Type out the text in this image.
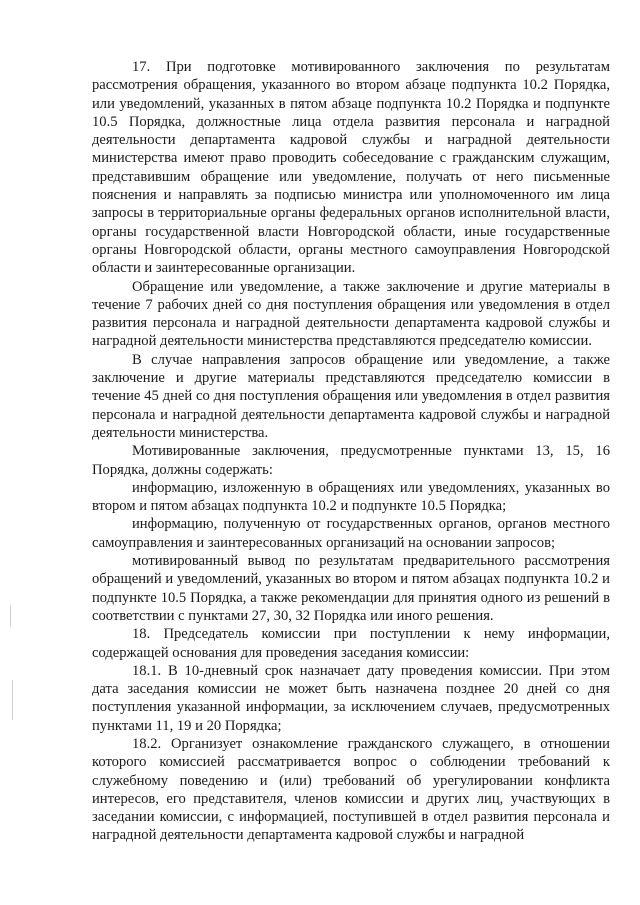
17. При подготовке мотивированного заключения по результатам рассмотрения обращения, указанного во втором абзаце подпункта 10.2 Порядка, или уведомлений, указанных в пятом абзаце подпункта 10.2 Порядка и подпункте 10.5 Порядка, должностные лица отдела развития персонала и наградной деятельности департамента кадровой службы и наградной деятельности министерства имеют право проводить собеседование с гражданским служащим, представившим обращение или уведомление, получать от него письменные пояснения и направлять за подписью министра или уполномоченного им лица запросы в территориальные органы федеральных органов исполнительной власти, органы государственной власти Новгородской области, иные государственные органы Новгородской области, органы местного самоуправления Новгородской области и заинтересованные организации.

Обращение или уведомление, а также заключение и другие материалы в течение 7 рабочих дней со дня поступления обращения или уведомления в отдел развития персонала и наградной деятельности департамента кадровой службы и наградной деятельности министерства представляются председателю комиссии.

В случае направления запросов обращение или уведомление, а также заключение и другие материалы представляются председателю комиссии в течение 45 дней со дня поступления обращения или уведомления в отдел развития персонала и наградной деятельности департамента кадровой службы и наградной деятельности министерства.

Мотивированные заключения, предусмотренные пунктами 13, 15, 16 Порядка, должны содержать:

информацию, изложенную в обращениях или уведомлениях, указанных во втором и пятом абзацах подпункта 10.2 и подпункте 10.5 Порядка;

информацию, полученную от государственных органов, органов местного самоуправления и заинтересованных организаций на основании запросов;

мотивированный вывод по результатам предварительного рассмотрения обращений и уведомлений, указанных во втором и пятом абзацах подпункта 10.2 и подпункте 10.5 Порядка, а также рекомендации для принятия одного из решений в соответствии с пунктами 27, 30, 32 Порядка или иного решения.

18. Председатель комиссии при поступлении к нему информации, содержащей основания для проведения заседания комиссии:

18.1. В 10-дневный срок назначает дату проведения комиссии. При этом дата заседания комиссии не может быть назначена позднее 20 дней со дня поступления указанной информации, за исключением случаев, предусмотренных пунктами 11, 19 и 20 Порядка;

18.2. Организует ознакомление гражданского служащего, в отношении которого комиссией рассматривается вопрос о соблюдении требований к служебному поведению и (или) требований об урегулировании конфликта интересов, его представителя, членов комиссии и других лиц, участвующих в заседании комиссии, с информацией, поступившей в отдел развития персонала и наградной деятельности департамента кадровой службы и наградной
